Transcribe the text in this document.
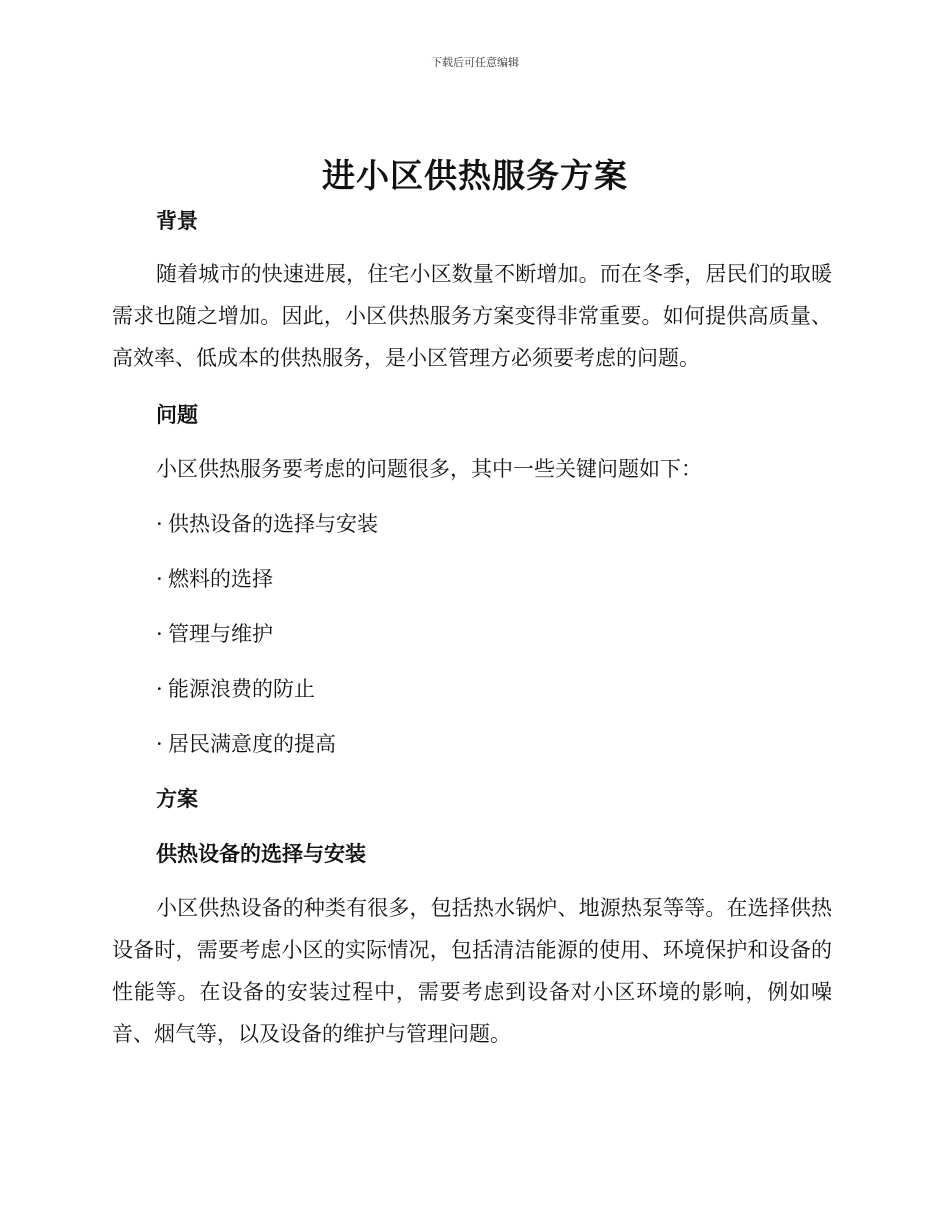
下载后可任意编辑
进小区供热服务方案
背景

随着城市的快速进展，住宅小区数量不断增加。而在冬季，居民们的取暖需求也随之增加。因此，小区供热服务方案变得非常重要。如何提供高质量、高效率、低成本的供热服务，是小区管理方必须要考虑的问题。

问题

小区供热服务要考虑的问题很多，其中一些关键问题如下：

· 供热设备的选择与安装

· 燃料的选择

· 管理与维护

· 能源浪费的防止

· 居民满意度的提高

方案
供热设备的选择与安装

小区供热设备的种类有很多，包括热水锅炉、地源热泵等等。在选择供热设备时，需要考虑小区的实际情况，包括清洁能源的使用、环境保护和设备的性能等。在设备的安装过程中，需要考虑到设备对小区环境的影响，例如噪音、烟气等，以及设备的维护与管理问题。
